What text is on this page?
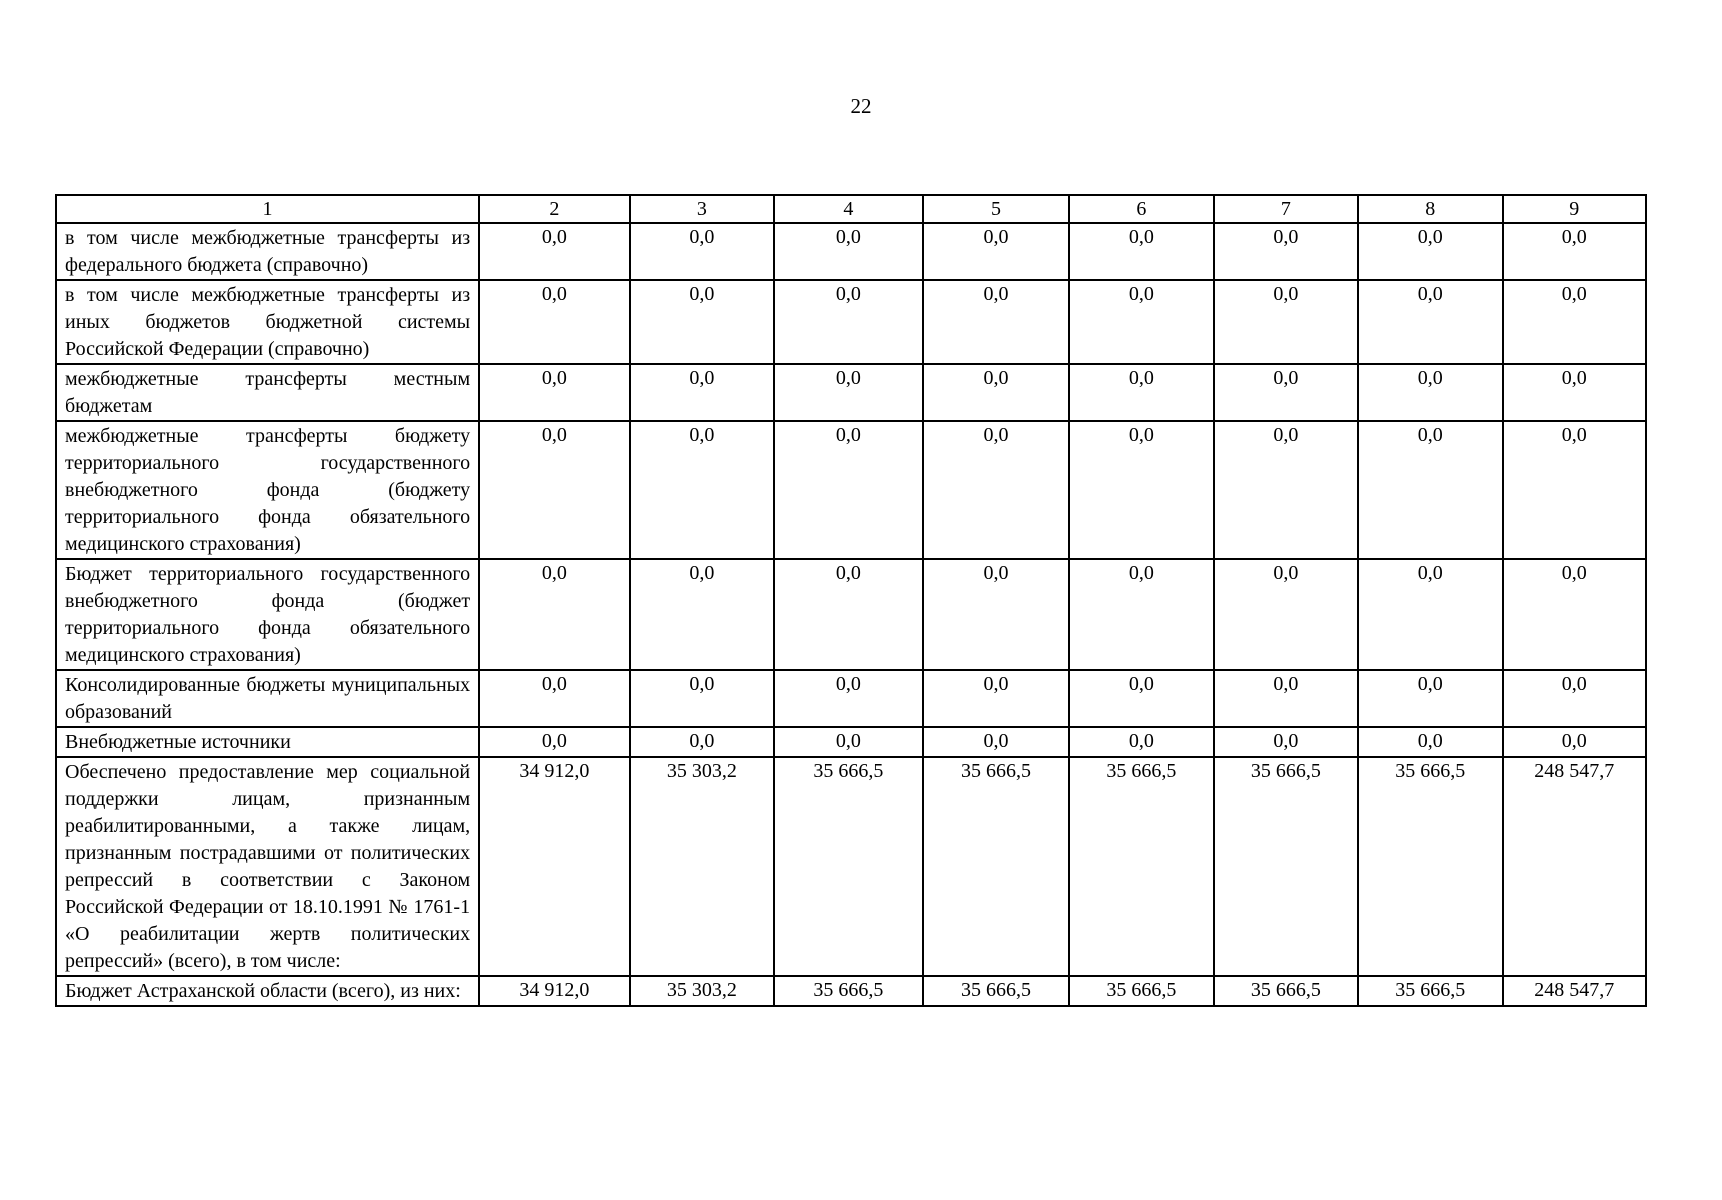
22
1	2	3	4	5	6	7	8	9
в том числе межбюджетные трансферты из федерального бюджета (справочно)	0,0	0,0	0,0	0,0	0,0	0,0	0,0	0,0
в том числе межбюджетные трансферты из иных бюджетов бюджетной системы Российской Федерации (справочно)	0,0	0,0	0,0	0,0	0,0	0,0	0,0	0,0
межбюджетные трансферты местным бюджетам	0,0	0,0	0,0	0,0	0,0	0,0	0,0	0,0
межбюджетные трансферты бюджету территориального государственного внебюджетного фонда (бюджету территориального фонда обязательного медицинского страхования)	0,0	0,0	0,0	0,0	0,0	0,0	0,0	0,0
Бюджет территориального государственного внебюджетного фонда (бюджет территориального фонда обязательного медицинского страхования)	0,0	0,0	0,0	0,0	0,0	0,0	0,0	0,0
Консолидированные бюджеты муниципальных образований	0,0	0,0	0,0	0,0	0,0	0,0	0,0	0,0
Внебюджетные источники	0,0	0,0	0,0	0,0	0,0	0,0	0,0	0,0
Обеспечено предоставление мер социальной поддержки лицам, признанным реабилитированными, а также лицам, признанным пострадавшими от политических репрессий в соответствии с Законом Российской Федерации от 18.10.1991 № 1761-1 «О реабилитации жертв политических репрессий» (всего), в том числе:	34 912,0	35 303,2	35 666,5	35 666,5	35 666,5	35 666,5	35 666,5	248 547,7
Бюджет Астраханской области (всего), из них:	34 912,0	35 303,2	35 666,5	35 666,5	35 666,5	35 666,5	35 666,5	248 547,7
